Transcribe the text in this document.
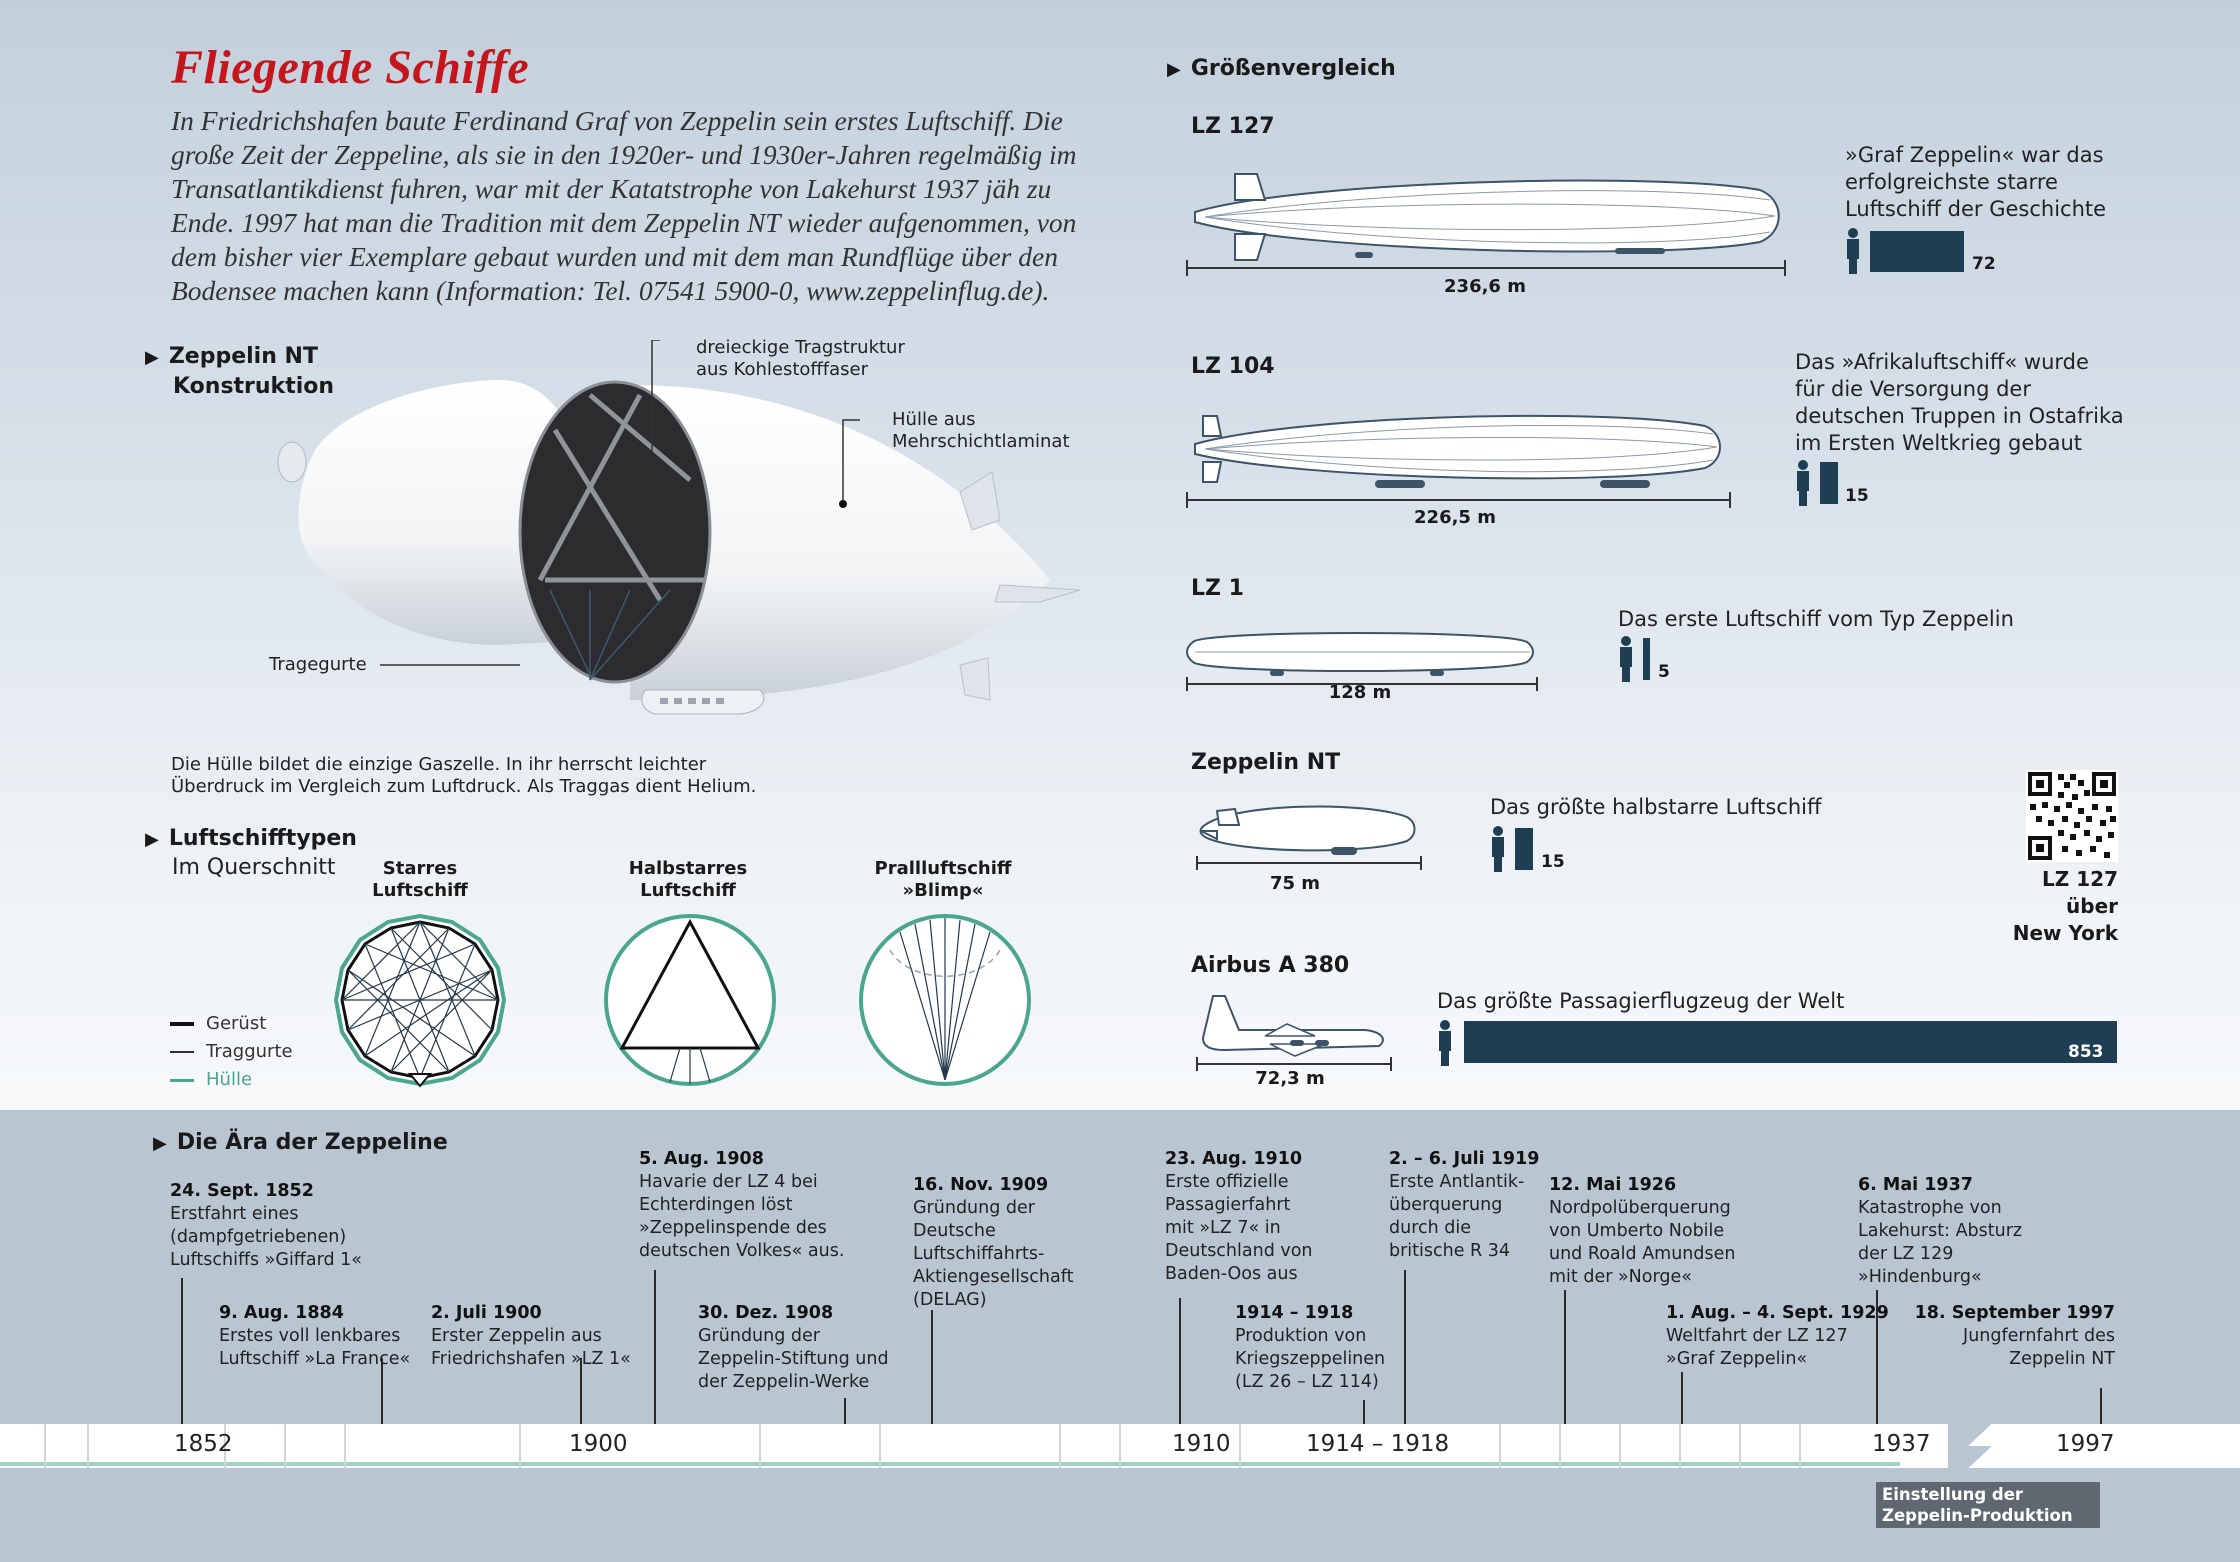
Fliegende Schiffe
In Friedrichshafen baute Ferdinand Graf von Zeppelin sein erstes Luftschiff. Die große Zeit der Zeppeline, als sie in den 1920er- und 1930er-Jahren regelmäßig im Transatlantikdienst fuhren, war mit der Katatstrophe von Lakehurst 1937 jäh zu Ende. 1997 hat man die Tradition mit dem Zeppelin NT wieder aufgenommen, von dem bisher vier Exemplare gebaut wurden und mit dem man Rundflüge über den Bodensee machen kann (Information: Tel. 07541 5900-0, www.zeppelinflug.de).
▶ Zeppelin NT
Konstruktion
dreieckige Tragstruktur
aus Kohlestofffaser
Hülle aus
Mehrschichtlaminat
Tragegurte
Die Hülle bildet die einzige Gaszelle. In ihr herrscht leichter
Überdruck im Vergleich zum Luftdruck. Als Traggas dient Helium.
▶ Luftschifftypen
Im Querschnitt	Starres
Luftschiff
Halbstarres
Luftschiff
Prallluftschiff
»Blimp«
Gerüst
Traggurte
Hülle
▶ Größenvergleich
LZ 127
236,6 m
»Graf Zeppelin« war das
erfolgreichste starre
Luftschiff der Geschichte
72
LZ 104
226,5 m
Das »Afrikaluftschiff« wurde
für die Versorgung der
deutschen Truppen in Ostafrika
im Ersten Weltkrieg gebaut
15
LZ 1
128 m
Das erste Luftschiff vom Typ Zeppelin
5
Zeppelin NT
75 m
Das größte halbstarre Luftschiff
15
LZ 127
über
New York
Airbus A 380
72,3 m
Das größte Passagierflugzeug der Welt
853
▶ Die Ära der Zeppeline
24. Sept. 1852
Erstfahrt eines
(dampfgetriebenen)
Luftschiffs »Giffard 1«
9. Aug. 1884
Erstes voll lenkbares
Luftschiff »La France«
2. Juli 1900
Erster Zeppelin aus
Friedrichshafen »LZ 1«
5. Aug. 1908
Havarie der LZ 4 bei
Echterdingen löst
»Zeppelinspende des
deutschen Volkes« aus.
30. Dez. 1908
Gründung der
Zeppelin-Stiftung und
der Zeppelin-Werke
16. Nov. 1909
Gründung der
Deutsche
Luftschiffahrts-
Aktiengesellschaft
(DELAG)
23. Aug. 1910
Erste offizielle
Passagierfahrt
mit »LZ 7« in
Deutschland von
Baden-Oos aus
1914 – 1918
Produktion von
Kriegszeppelinen
(LZ 26 – LZ 114)
2. – 6. Juli 1919
Erste Antlantik-
überquerung
durch die
britische R 34
12. Mai 1926
Nordpolüberquerung
von Umberto Nobile
und Roald Amundsen
mit der »Norge«
1. Aug. – 4. Sept. 1929
Weltfahrt der LZ 127
»Graf Zeppelin«
6. Mai 1937
Katastrophe von
Lakehurst: Absturz
der LZ 129
»Hindenburg«
18. September 1997
Jungfernfahrt des
Zeppelin NT
1852	1900	1910	1914 – 1918	1937	1997
Einstellung der
Zeppelin-Produktion
